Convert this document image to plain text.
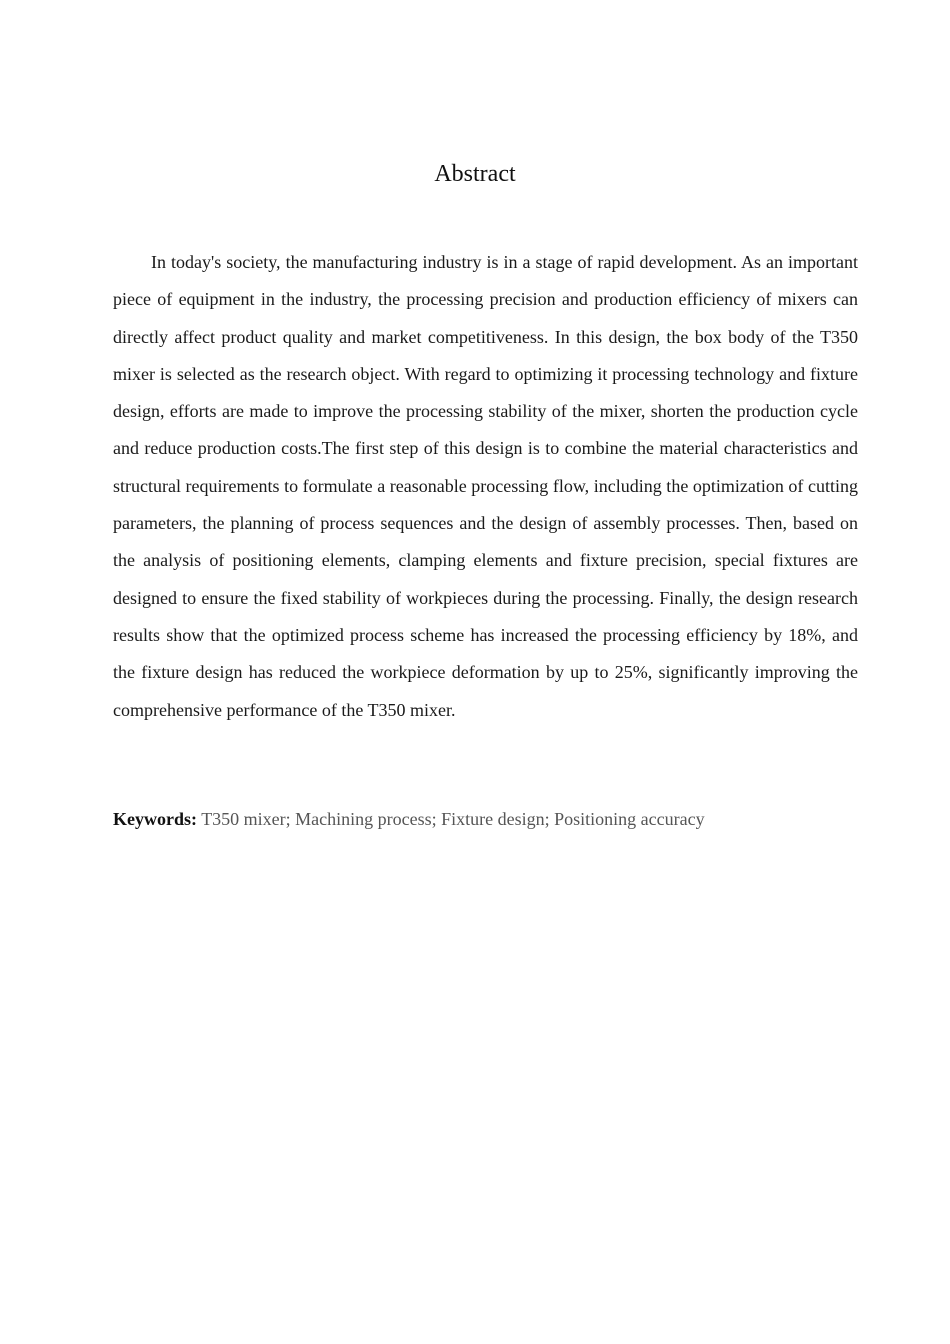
Abstract

In today's society, the manufacturing industry is in a stage of rapid development. As an important piece of equipment in the industry, the processing precision and production efficiency of mixers can directly affect product quality and market competitiveness. In this design, the box body of the T350 mixer is selected as the research object. With regard to optimizing it processing technology and fixture design, efforts are made to improve the processing stability of the mixer, shorten the production cycle and reduce production costs.The first step of this design is to combine the material characteristics and structural requirements to formulate a reasonable processing flow, including the optimization of cutting parameters, the planning of process sequences and the design of assembly processes. Then, based on the analysis of positioning elements, clamping elements and fixture precision, special fixtures are designed to ensure the fixed stability of workpieces during the processing. Finally, the design research results show that the optimized process scheme has increased the processing efficiency by 18%, and the fixture design has reduced the workpiece deformation by up to 25%, significantly improving the comprehensive performance of the T350 mixer.

Keywords: T350 mixer; Machining process; Fixture design; Positioning accuracy
